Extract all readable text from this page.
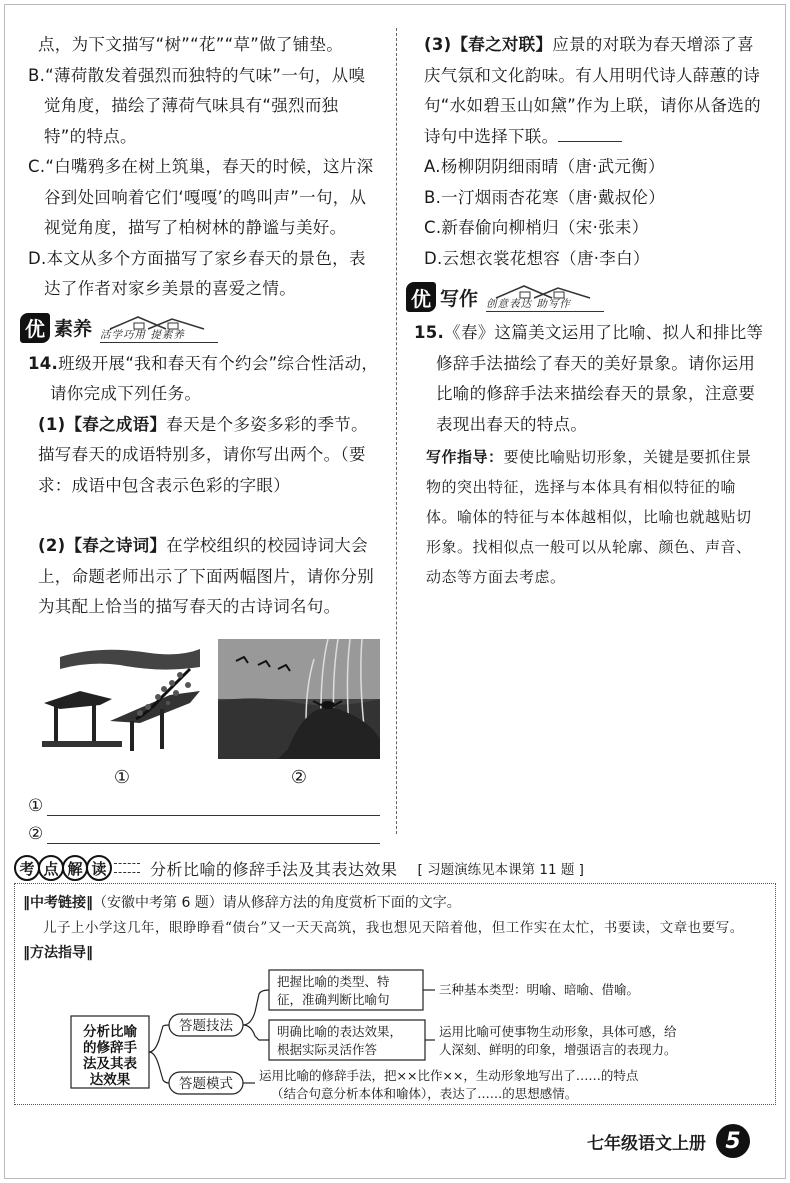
点，为下文描写“树”“花”“草”做了铺垫。
B.“薄荷散发着强烈而独特的气味”一句，从嗅觉角度，描绘了薄荷气味具有“强烈而独特”的特点。
C.“白嘴鸦多在树上筑巢，春天的时候，这片深谷到处回响着它们‘嘎嘎’的鸣叫声”一句，从视觉角度，描写了柏树林的静谧与美好。
D.本文从多个方面描写了家乡春天的景色，表达了作者对家乡美景的喜爱之情。
优 素养 活学巧用 提素养
14.班级开展“我和春天有个约会”综合性活动，请你完成下列任务。
(1)【春之成语】春天是个多姿多彩的季节。描写春天的成语特别多，请你写出两个。（要求：成语中包含表示色彩的字眼）
(2)【春之诗词】在学校组织的校园诗词大会上，命题老师出示了下面两幅图片，请你分别为其配上恰当的描写春天的古诗词名句。
①	②
①
②
(3)【春之对联】应景的对联为春天增添了喜庆气氛和文化韵味。有人用明代诗人薛蕙的诗句“水如碧玉山如黛”作为上联，请你从备选的诗句中选择下联。
A.杨柳阴阴细雨晴（唐·武元衡）
B.一汀烟雨杏花寒（唐·戴叔伦）
C.新春偷向柳梢归（宋·张耒）
D.云想衣裳花想容（唐·李白）
优 写作 创意表达 助写作
15.《春》这篇美文运用了比喻、拟人和排比等修辞手法描绘了春天的美好景象。请你运用比喻的修辞手法来描绘春天的景象，注意要表现出春天的特点。
写作指导：要使比喻贴切形象，关键是要抓住景物的突出特征，选择与本体具有相似特征的喻体。喻体的特征与本体越相似，比喻也就越贴切形象。找相似点一般可以从轮廓、颜色、声音、动态等方面去考虑。
考 点 解 读	分析比喻的修辞手法及其表达效果 [ 习题演练见本课第 11 题 ]
‖中考链接‖（安徽中考第 6 题）请从修辞方法的角度赏析下面的文字。
儿子上小学这几年，眼睁睁看“债台”又一天天高筑，我也想见天陪着他，但工作实在太忙，书要读，文章也要写。
‖方法指导‖
分析比喻
的修辞手
法及其表
达效果
答题技法
答题模式
把握比喻的类型、特
征，准确判断比喻句
明确比喻的表达效果，
根据实际灵活作答
三种基本类型：明喻、暗喻、借喻。
运用比喻可使事物生动形象，具体可感，给
人深刻、鲜明的印象，增强语言的表现力。
运用比喻的修辞手法，把××比作××，生动形象地写出了……的特点
（结合句意分析本体和喻体），表达了……的思想感情。
七年级语文上册 5
